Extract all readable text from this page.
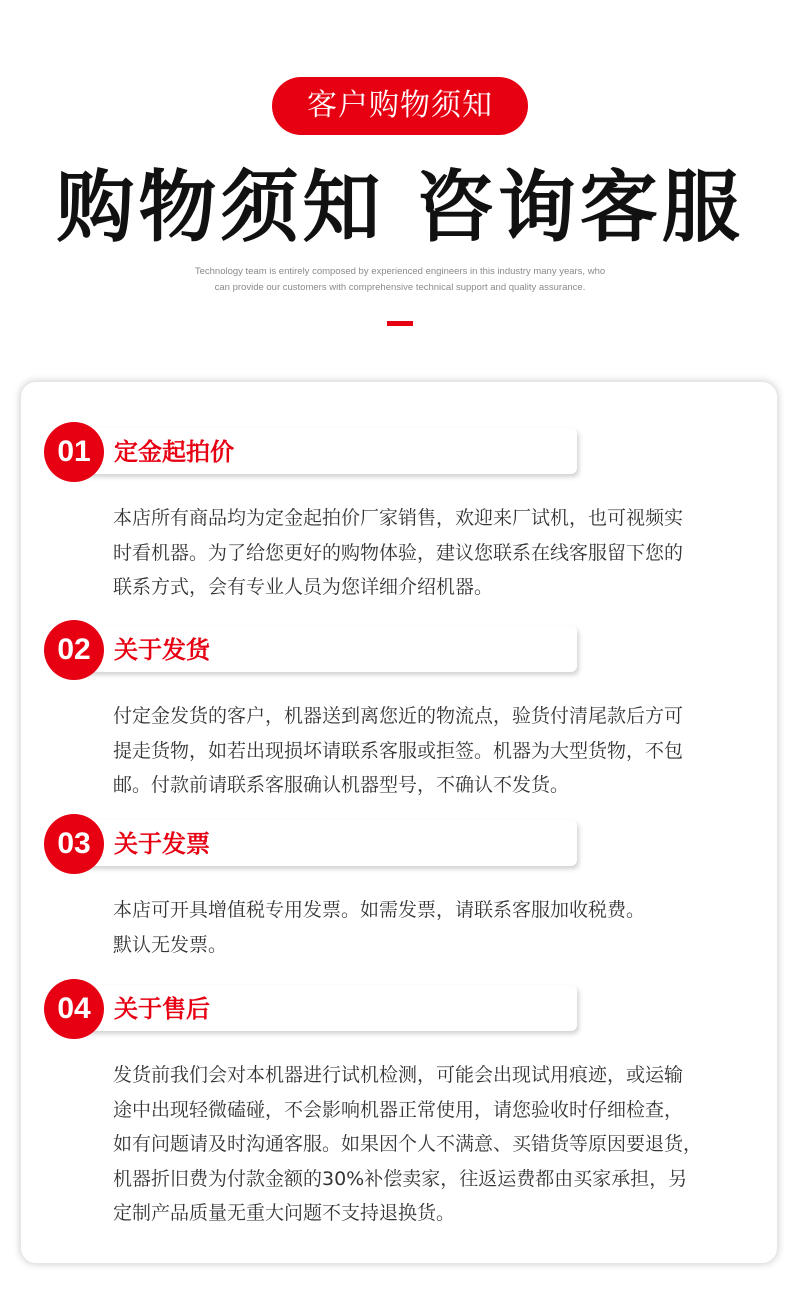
客户购物须知
购物须知 咨询客服
Technology team is entirely composed by experienced engineers in this industry many years, who
can provide our customers with comprehensive technical support and quality assurance.
01 定金起拍价
本店所有商品均为定金起拍价厂家销售，欢迎来厂试机，也可视频实
时看机器。为了给您更好的购物体验，建议您联系在线客服留下您的
联系方式，会有专业人员为您详细介绍机器。
02 关于发货
付定金发货的客户，机器送到离您近的物流点，验货付清尾款后方可
提走货物，如若出现损坏请联系客服或拒签。机器为大型货物，不包
邮。付款前请联系客服确认机器型号，不确认不发货。
03 关于发票
本店可开具增值税专用发票。如需发票，请联系客服加收税费。
默认无发票。
04 关于售后
发货前我们会对本机器进行试机检测，可能会出现试用痕迹，或运输
途中出现轻微磕碰，不会影响机器正常使用，请您验收时仔细检查，
如有问题请及时沟通客服。如果因个人不满意、买错货等原因要退货，
机器折旧费为付款金额的30%补偿卖家，往返运费都由买家承担，另
定制产品质量无重大问题不支持退换货。
